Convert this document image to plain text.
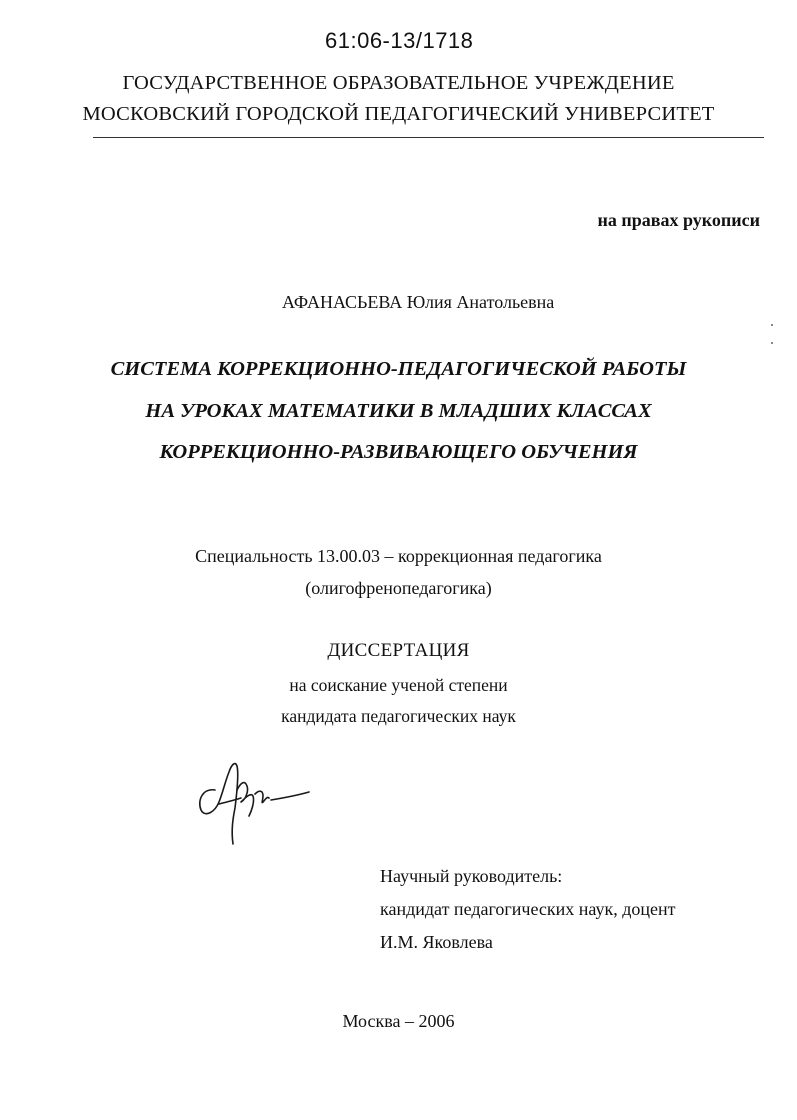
61:06-13/1718
ГОСУДАРСТВЕННОЕ ОБРАЗОВАТЕЛЬНОЕ УЧРЕЖДЕНИЕ
МОСКОВСКИЙ ГОРОДСКОЙ ПЕДАГОГИЧЕСКИЙ УНИВЕРСИТЕТ
на правах рукописи
АФАНАСЬЕВА Юлия Анатольевна
СИСТЕМА КОРРЕКЦИОННО-ПЕДАГОГИЧЕСКОЙ РАБОТЫ
НА УРОКАХ МАТЕМАТИКИ В МЛАДШИХ КЛАССАХ
КОРРЕКЦИОННО-РАЗВИВАЮЩЕГО ОБУЧЕНИЯ
Специальность 13.00.03 – коррекционная педагогика
(олигофренопедагогика)
ДИССЕРТАЦИЯ
на соискание ученой степени
кандидата педагогических наук
Научный руководитель:
кандидат педагогических наук, доцент
И.М. Яковлева
Москва – 2006
